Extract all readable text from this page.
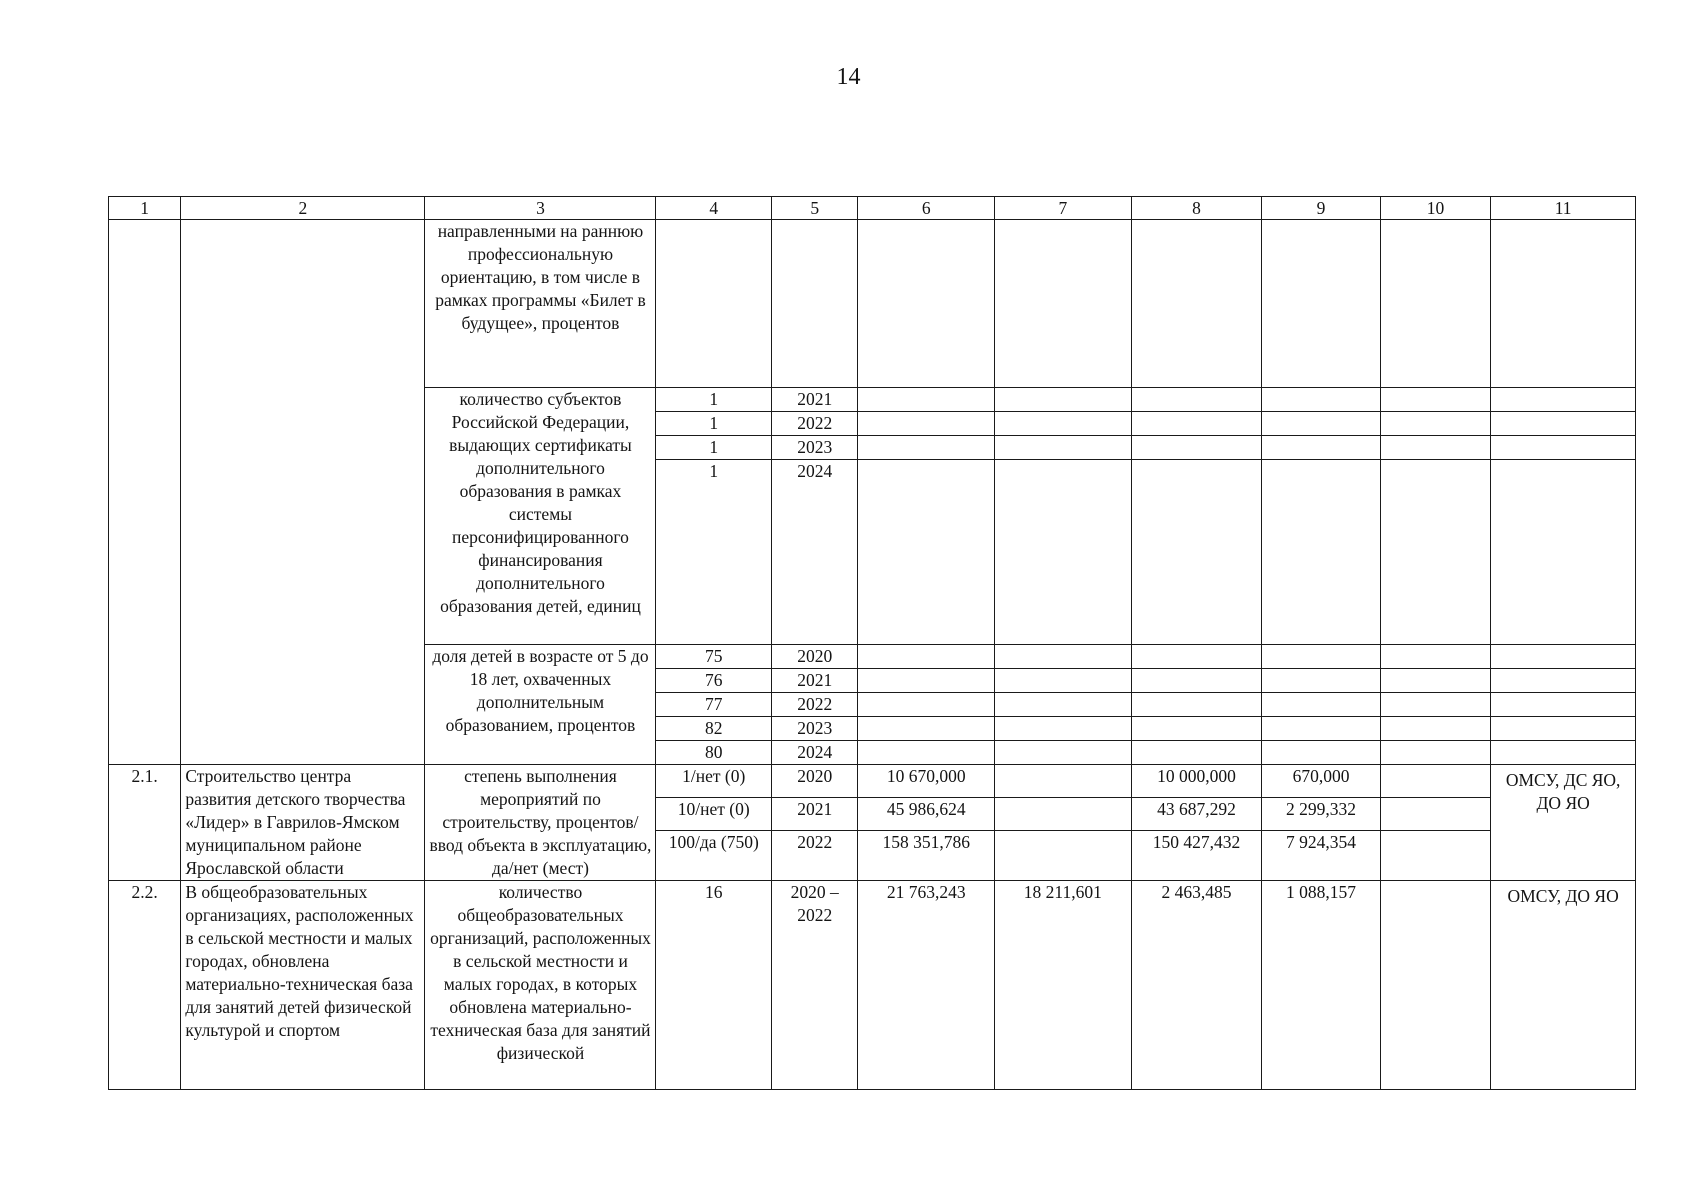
14
1	2	3	4	5	6	7	8	9	10	11
		направленными на раннюю профессиональную ориентацию, в том числе в рамках программы «Билет в будущее», процентов								
		количество субъектов Российской Федерации, выдающих сертификаты дополнительного образования в рамках системы персонифицированного финансирования дополнительного образования детей, единиц	1	2021						
			1	2022						
			1	2023						
			1	2024						
		доля детей в возрасте от 5 до 18 лет, охваченных дополнительным образованием, процентов	75	2020						
			76	2021						
			77	2022						
			82	2023						
			80	2024						
2.1.	Строительство центра развития детского творчества «Лидер» в Гаврилов-Ямском муниципальном районе Ярославской области	степень выполнения мероприятий по строительству, процентов/ ввод объекта в эксплуатацию, да/нет (мест)	1/нет (0)	2020	10 670,000		10 000,000	670,000		ОМСУ, ДС ЯО, ДО ЯО
			10/нет (0)	2021	45 986,624		43 687,292	2 299,332		
			100/да (750)	2022	158 351,786		150 427,432	7 924,354		
2.2.	В общеобразовательных организациях, расположенных в сельской местности и малых городах, обновлена материально-техническая база для занятий детей физической культурой и спортом	количество общеобразовательных организаций, расположенных в сельской местности и малых городах, в которых обновлена материально-техническая база для занятий физической	16	2020 – 2022	21 763,243	18 211,601	2 463,485	1 088,157		ОМСУ, ДО ЯО
